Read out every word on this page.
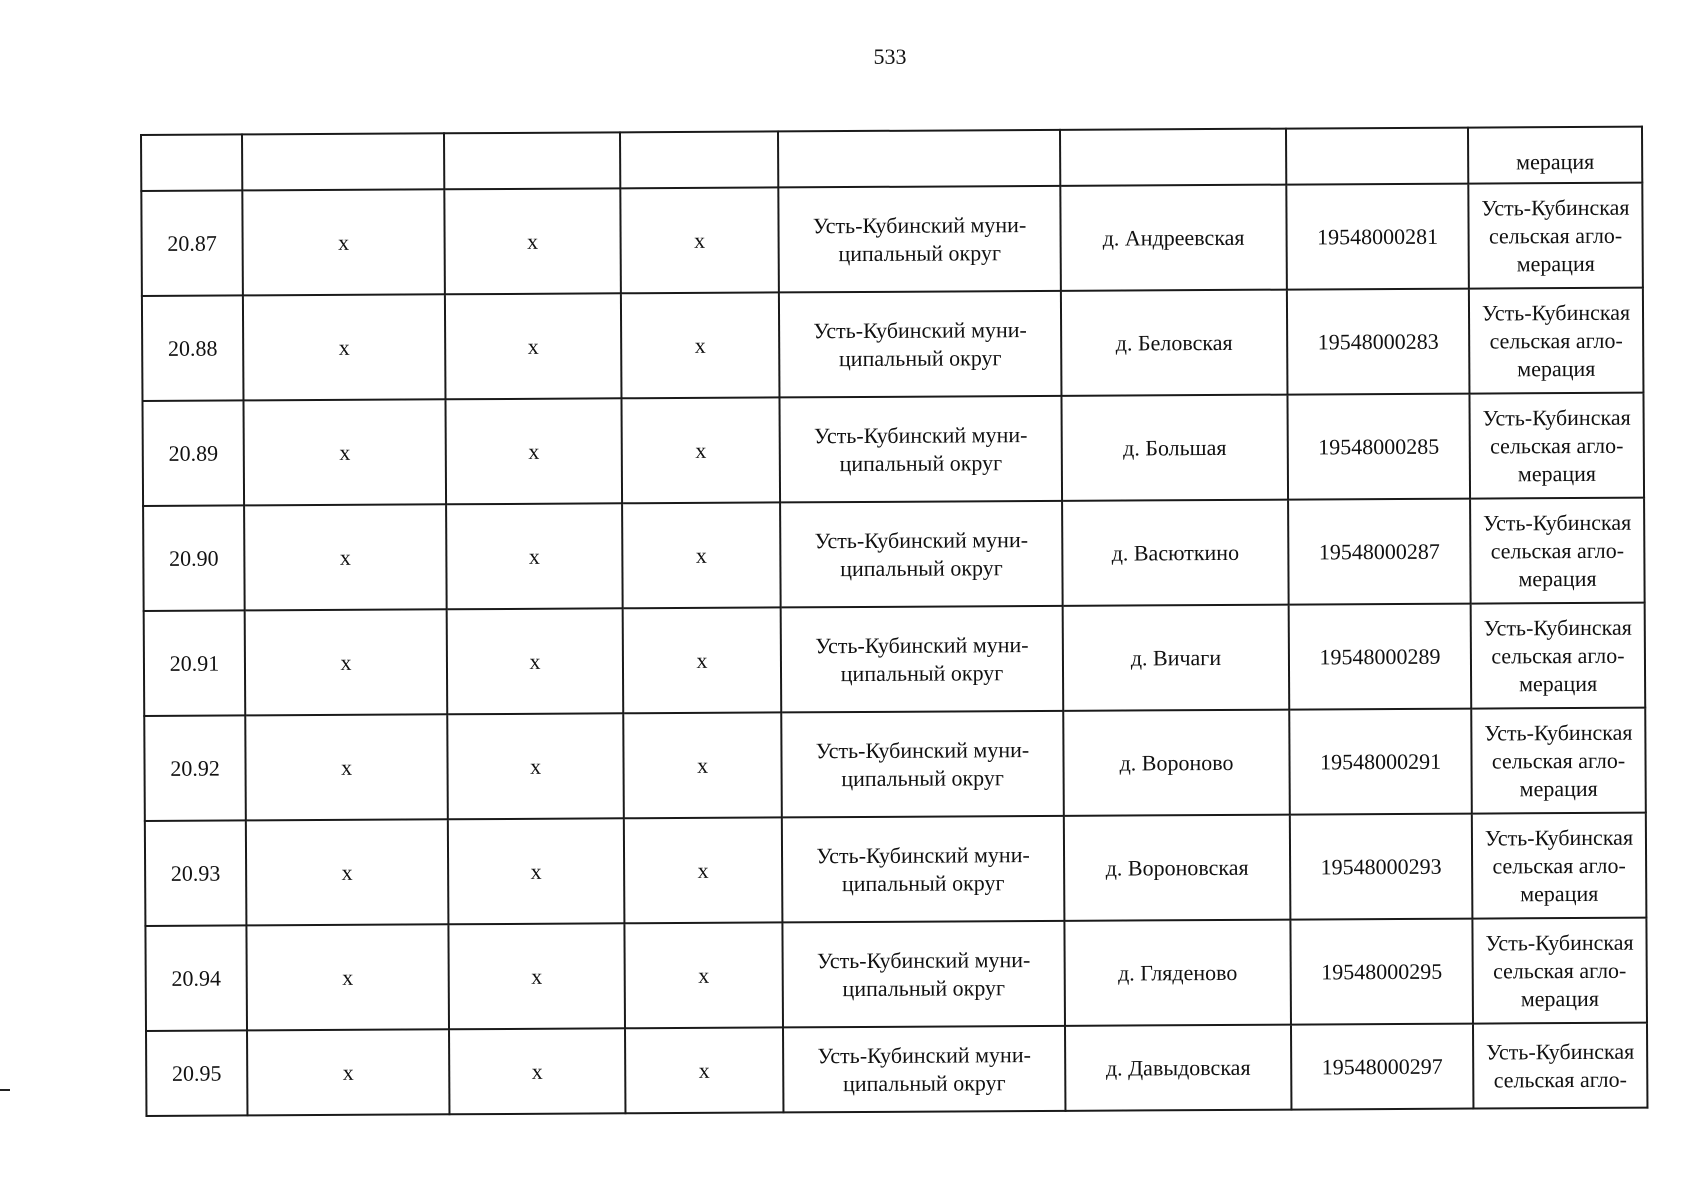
533
							мерация
20.87	x	x	x	Усть-Кубинский муни-ципальный округ	д. Андреевская	19548000281	Усть-Кубинская сельская агло-мерация
20.88	x	x	x	Усть-Кубинский муни-ципальный округ	д. Беловская	19548000283	Усть-Кубинская сельская агло-мерация
20.89	x	x	x	Усть-Кубинский муни-ципальный округ	д. Большая	19548000285	Усть-Кубинская сельская агло-мерация
20.90	x	x	x	Усть-Кубинский муни-ципальный округ	д. Васюткино	19548000287	Усть-Кубинская сельская агло-мерация
20.91	x	x	x	Усть-Кубинский муни-ципальный округ	д. Вичаги	19548000289	Усть-Кубинская сельская агло-мерация
20.92	x	x	x	Усть-Кубинский муни-ципальный округ	д. Вороново	19548000291	Усть-Кубинская сельская агло-мерация
20.93	x	x	x	Усть-Кубинский муни-ципальный округ	д. Вороновская	19548000293	Усть-Кубинская сельская агло-мерация
20.94	x	x	x	Усть-Кубинский муни-ципальный округ	д. Гляденово	19548000295	Усть-Кубинская сельская агло-мерация
20.95	x	x	x	Усть-Кубинский муни-ципальный округ	д. Давыдовская	19548000297	Усть-Кубинская сельская агло-
